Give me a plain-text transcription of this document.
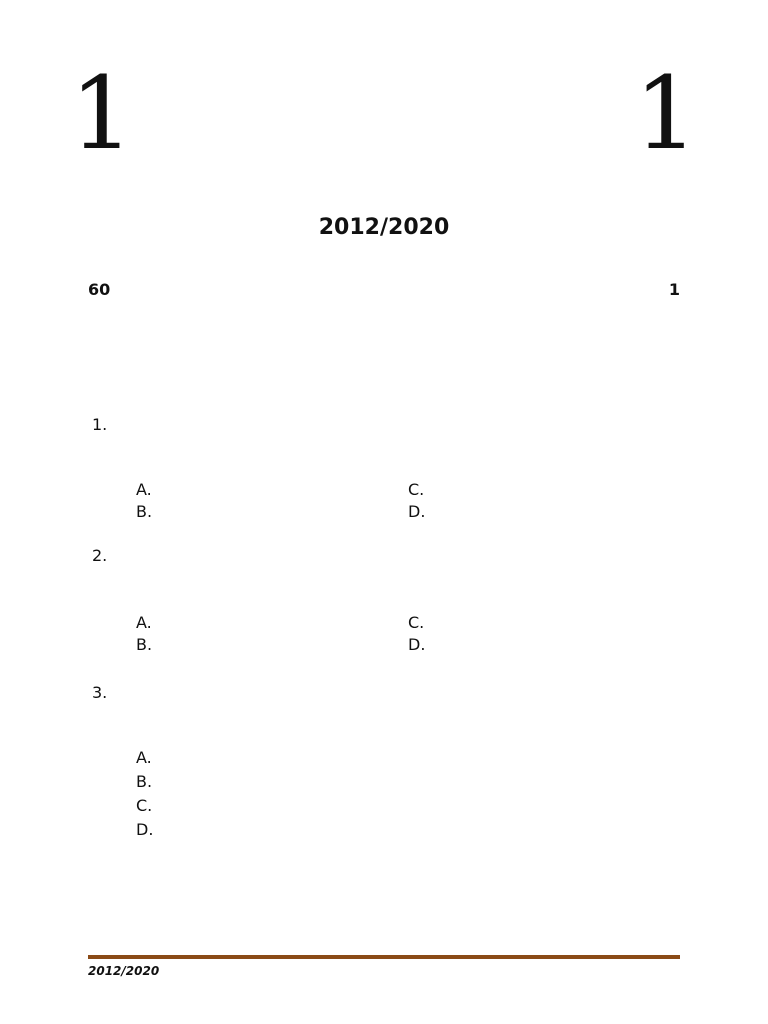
1	1
2012/2020
60	1
1.
A.
B.
C.
D.
2.
A.
B.
C.
D.
3.
A.
B.
C.
D.
2012/2020
